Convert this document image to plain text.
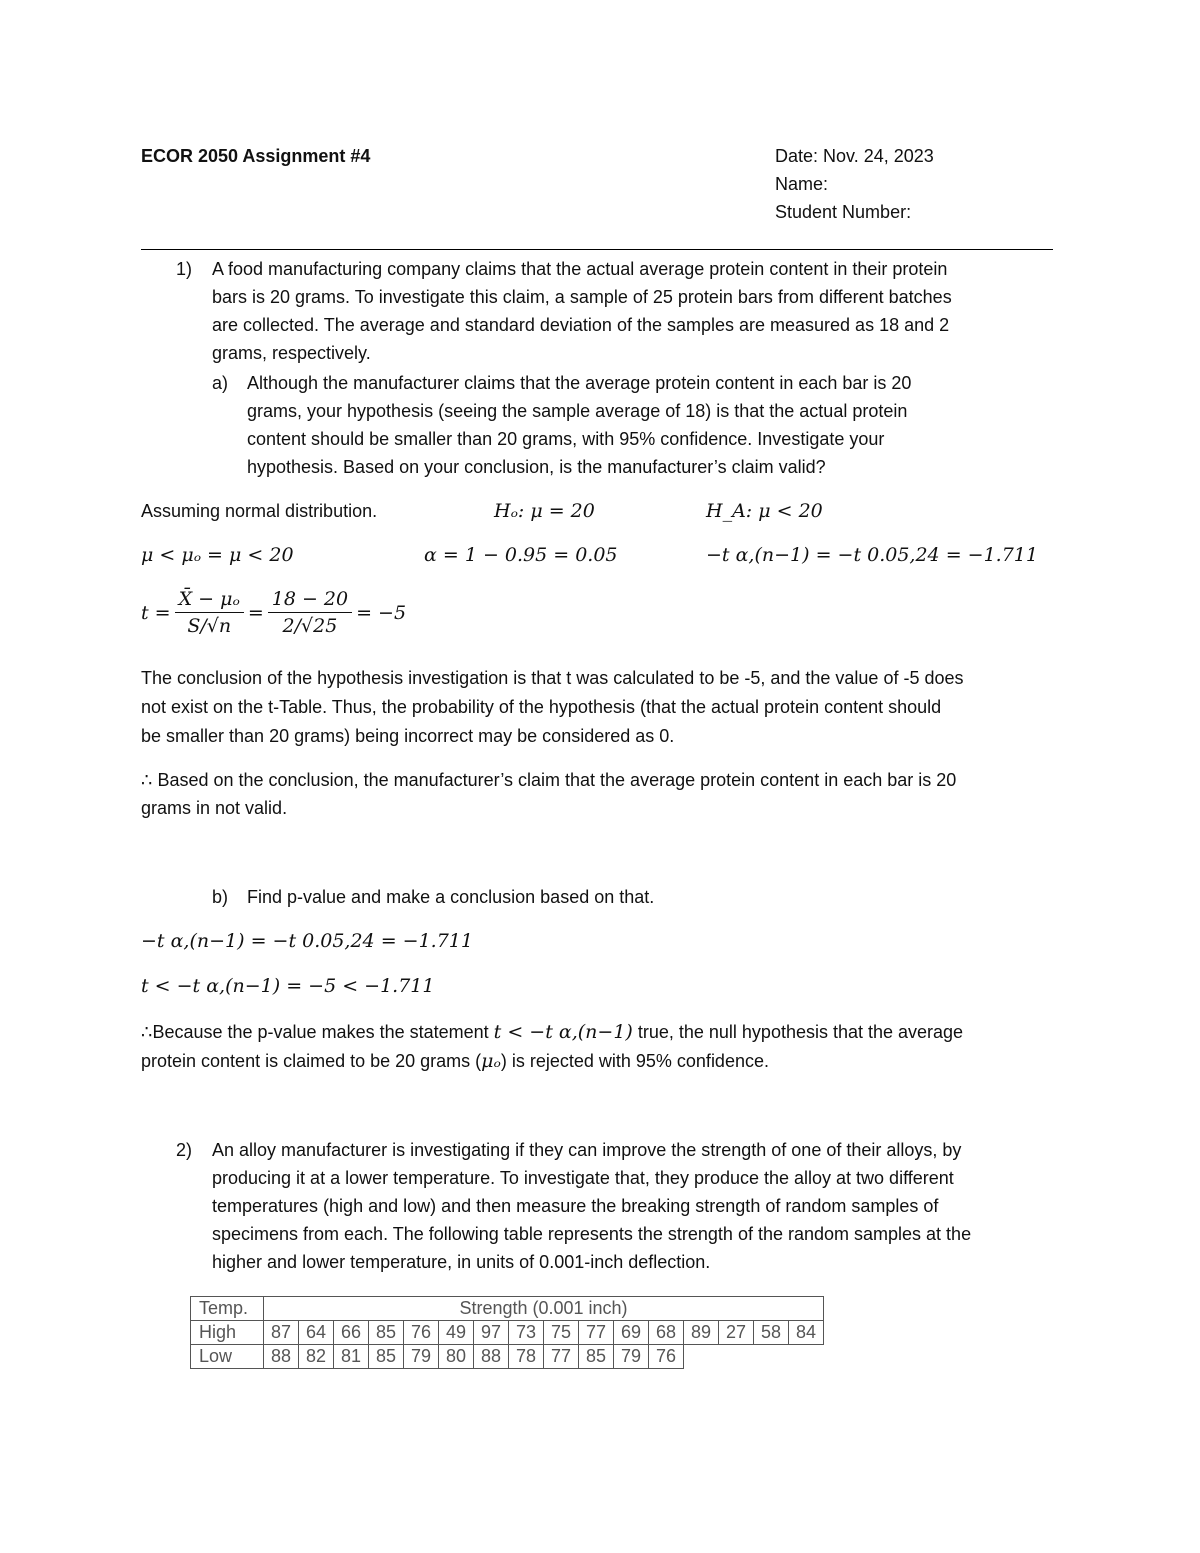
ECOR 2050 Assignment #4	Date: Nov. 24, 2023
Name:
Student Number:
1) A food manufacturing company claims that the actual average protein content in their protein
bars is 20 grams. To investigate this claim, a sample of 25 protein bars from different batches
are collected. The average and standard deviation of the samples are measured as 18 and 2
grams, respectively.
a) Although the manufacturer claims that the average protein content in each bar is 20
grams, your hypothesis (seeing the sample average of 18) is that the actual protein
content should be smaller than 20 grams, with 95% confidence. Investigate your
hypothesis. Based on your conclusion, is the manufacturer’s claim valid?
Assuming normal distribution.	Hₒ: μ = 20	H_A: μ < 20
μ < μₒ = μ < 20	α = 1 − 0.95 = 0.05	−t α,(n−1) = −t 0.05,24 = −1.711
$t = \frac{\text{X̄ − μₒ}}{S/√n} = \frac{18 - 20}{2/√25} = -5$
The conclusion of the hypothesis investigation is that t was calculated to be -5, and the value of -5 does
not exist on the t-Table. Thus, the probability of the hypothesis (that the actual protein content should
be smaller than 20 grams) being incorrect may be considered as 0.
∴ Based on the conclusion, the manufacturer’s claim that the average protein content in each bar is 20
grams in not valid.
b) Find p-value and make a conclusion based on that.
−t α,(n−1) = −t 0.05,24 = −1.711
t < −t α,(n−1) = −5 < −1.711
∴Because the p-value makes the statement t < −t α,(n−1) true, the null hypothesis that the average
protein content is claimed to be 20 grams (μₒ) is rejected with 95% confidence.
2) An alloy manufacturer is investigating if they can improve the strength of one of their alloys, by
producing it at a lower temperature. To investigate that, they produce the alloy at two different
temperatures (high and low) and then measure the breaking strength of random samples of
specimens from each. The following table represents the strength of the random samples at the
higher and lower temperature, in units of 0.001-inch deflection.
Temp.	Strength (0.001 inch)															
High	87	64	66	85	76	49	97	73	75	77	69	68	89	27	58	84
Low	88	82	81	85	79	80	88	78	77	85	79	76				
